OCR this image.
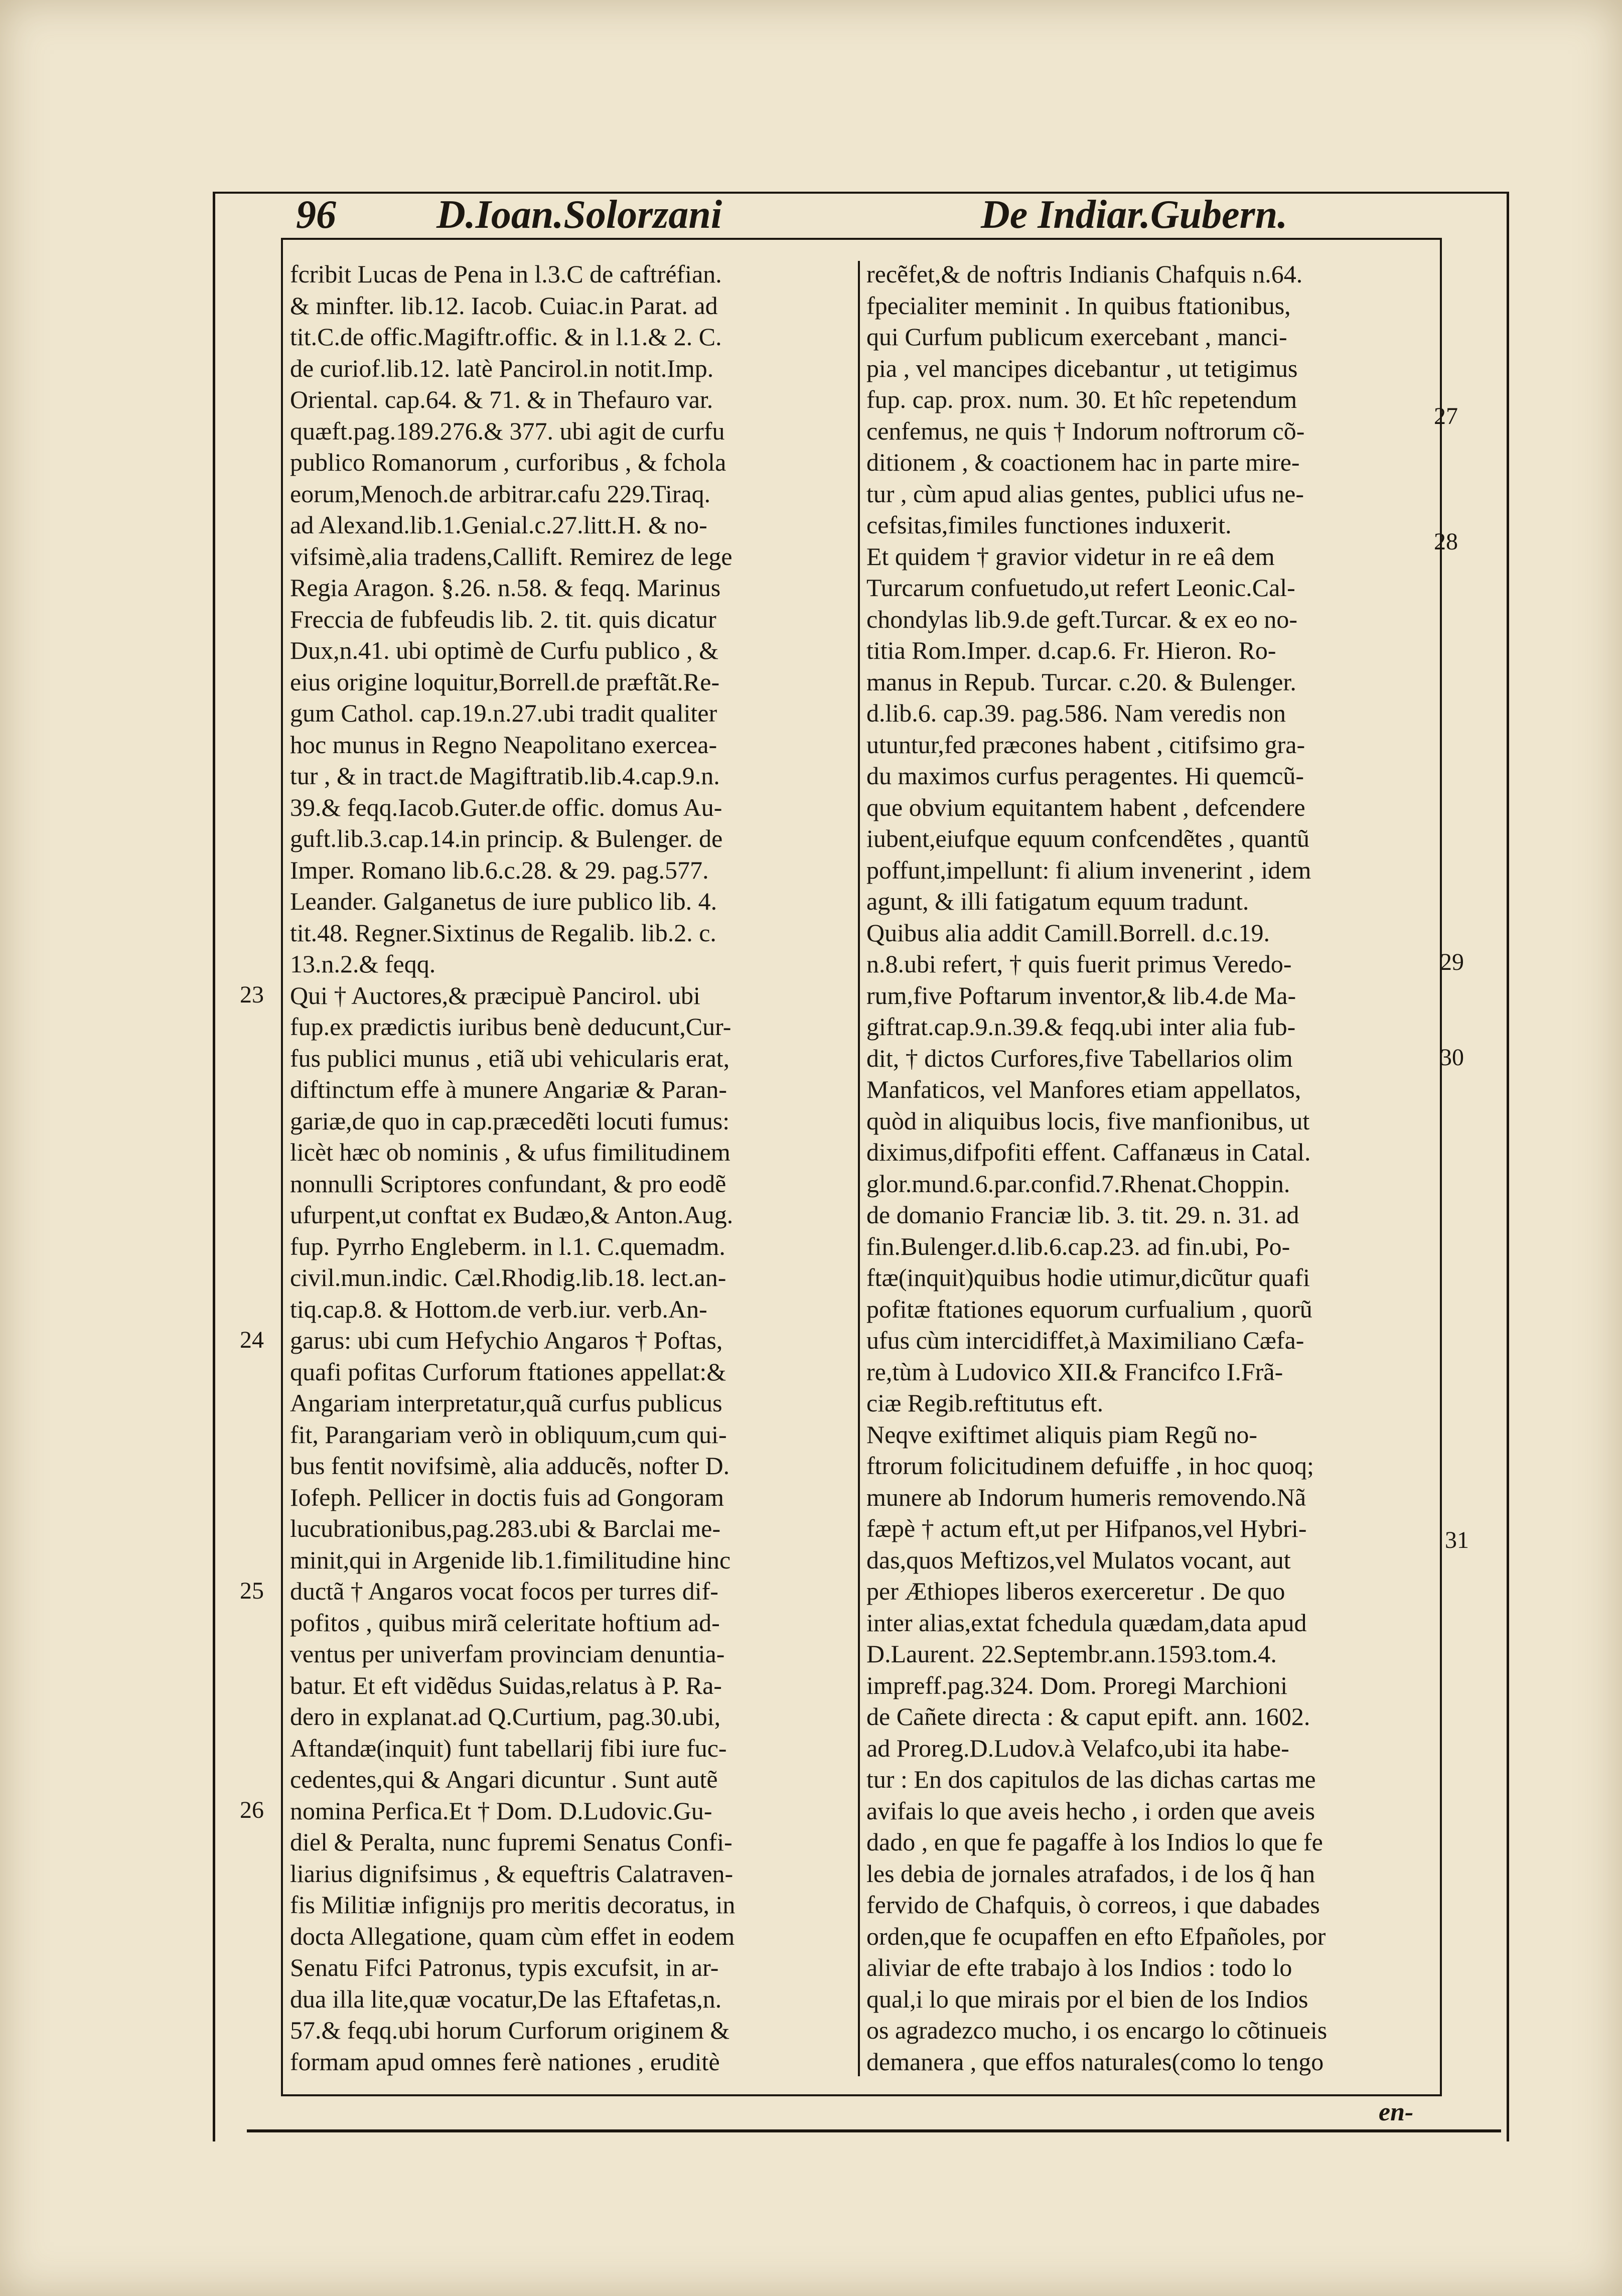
96	D.Ioan.Solorzani	De Indiar.Gubern.
fcribit Lucas de Pena in l.3.C de caftréfian.
& minfter. lib.12. Iacob. Cuiac.in Parat. ad
tit.C.de offic.Magiftr.offic. & in l.1.& 2. C.
de curiof.lib.12. latè Pancirol.in notit.Imp.
Oriental. cap.64. & 71. & in Thefauro var.
quæft.pag.189.276.& 377. ubi agit de curfu
publico Romanorum , curforibus , & fchola
eorum,Menoch.de arbitrar.cafu 229.Tiraq.
ad Alexand.lib.1.Genial.c.27.litt.H. & no-
vifsimè,alia tradens,Callift. Remirez de lege
Regia Aragon. §.26. n.58. & feqq. Marinus
Freccia de fubfeudis lib. 2. tit. quis dicatur
Dux,n.41. ubi optimè de Curfu publico , &
eius origine loquitur,Borrell.de præftãt.Re-
gum Cathol. cap.19.n.27.ubi tradit qualiter
hoc munus in Regno Neapolitano exercea-
tur , & in tract.de Magiftratib.lib.4.cap.9.n.
39.& feqq.Iacob.Guter.de offic. domus Au-
guft.lib.3.cap.14.in princip. & Bulenger. de
Imper. Romano lib.6.c.28. & 29. pag.577.
Leander. Galganetus de iure publico lib. 4.
tit.48. Regner.Sixtinus de Regalib. lib.2. c.
13.n.2.& feqq.
Qui † Auctores,& præcipuè Pancirol. ubi
fup.ex prædictis iuribus benè deducunt,Cur-
fus publici munus , etiã ubi vehicularis erat,
diftinctum effe à munere Angariæ & Paran-
gariæ,de quo in cap.præcedẽti locuti fumus:
licèt hæc ob nominis , & ufus fimilitudinem
nonnulli Scriptores confundant, & pro eodẽ
ufurpent,ut conftat ex Budæo,& Anton.Aug.
fup. Pyrrho Engleberm. in l.1. C.quemadm.
civil.mun.indic. Cæl.Rhodig.lib.18. lect.an-
tiq.cap.8. & Hottom.de verb.iur. verb.An-
garus: ubi cum Hefychio Angaros † Poftas,
quafi pofitas Curforum ftationes appellat:&
Angariam interpretatur,quã curfus publicus
fit, Parangariam verò in obliquum,cum qui-
bus fentit novifsimè, alia adducẽs, nofter D.
Iofeph. Pellicer in doctis fuis ad Gongoram
lucubrationibus,pag.283.ubi & Barclai me-
minit,qui in Argenide lib.1.fimilitudine hinc
ductã † Angaros vocat focos per turres dif-
pofitos , quibus mirã celeritate hoftium ad-
ventus per univerfam provinciam denuntia-
batur. Et eft vidẽdus Suidas,relatus à P. Ra-
dero in explanat.ad Q.Curtium, pag.30.ubi,
Aftandæ(inquit) funt tabellarij fibi iure fuc-
cedentes,qui & Angari dicuntur . Sunt autẽ
nomina Perfica.Et † Dom. D.Ludovic.Gu-
diel & Peralta, nunc fupremi Senatus Confi-
liarius dignifsimus , & equeftris Calatraven-
fis Militiæ infignijs pro meritis decoratus, in
docta Allegatione, quam cùm effet in eodem
Senatu Fifci Patronus, typis excufsit, in ar-
dua illa lite,quæ vocatur,De las Eftafetas,n.
57.& feqq.ubi horum Curforum originem &
formam apud omnes ferè nationes , eruditè
recẽfet,& de noftris Indianis Chafquis n.64.
fpecialiter meminit . In quibus ftationibus,
qui Curfum publicum exercebant , manci-
pia , vel mancipes dicebantur , ut tetigimus
fup. cap. prox. num. 30. Et hîc repetendum
cenfemus, ne quis † Indorum noftrorum cõ-
ditionem , & coactionem hac in parte mire-
tur , cùm apud alias gentes, publici ufus ne-
cefsitas,fimiles functiones induxerit.
Et quidem † gravior videtur in re eâ dem
Turcarum confuetudo,ut refert Leonic.Cal-
chondylas lib.9.de geft.Turcar. & ex eo no-
titia Rom.Imper. d.cap.6. Fr. Hieron. Ro-
manus in Repub. Turcar. c.20. & Bulenger.
d.lib.6. cap.39. pag.586. Nam veredis non
utuntur,fed præcones habent , citifsimo gra-
du maximos curfus peragentes. Hi quemcũ-
que obvium equitantem habent , defcendere
iubent,eiufque equum confcendẽtes , quantũ
poffunt,impellunt: fi alium invenerint , idem
agunt, & illi fatigatum equum tradunt.
Quibus alia addit Camill.Borrell. d.c.19.
n.8.ubi refert, † quis fuerit primus Veredo-
rum,five Poftarum inventor,& lib.4.de Ma-
giftrat.cap.9.n.39.& feqq.ubi inter alia fub-
dit, † dictos Curfores,five Tabellarios olim
Manfaticos, vel Manfores etiam appellatos,
quòd in aliquibus locis, five manfionibus, ut
diximus,difpofiti effent. Caffanæus in Catal.
glor.mund.6.par.confid.7.Rhenat.Choppin.
de domanio Franciæ lib. 3. tit. 29. n. 31. ad
fin.Bulenger.d.lib.6.cap.23. ad fin.ubi, Po-
ftæ(inquit)quibus hodie utimur,dicũtur quafi
pofitæ ftationes equorum curfualium , quorũ
ufus cùm intercidiffet,à Maximiliano Cæfa-
re,tùm à Ludovico XII.& Francifco I.Frã-
ciæ Regib.reftitutus eft.
Neqve exiftimet aliquis piam Regũ no-
ftrorum folicitudinem defuiffe , in hoc quoq;
munere ab Indorum humeris removendo.Nã
fæpè † actum eft,ut per Hifpanos,vel Hybri-
das,quos Meftizos,vel Mulatos vocant, aut
per Æthiopes liberos exerceretur . De quo
inter alias,extat fchedula quædam,data apud
D.Laurent. 22.Septembr.ann.1593.tom.4.
impreff.pag.324. Dom. Proregi Marchioni
de Cañete directa : & caput epift. ann. 1602.
ad Proreg.D.Ludov.à Velafco,ubi ita habe-
tur : En dos capitulos de las dichas cartas me
avifais lo que aveis hecho , i orden que aveis
dado , en que fe pagaffe à los Indios lo que fe
les debia de jornales atrafados, i de los q̃ han
fervido de Chafquis, ò correos, i que dabades
orden,que fe ocupaffen en efto Efpañoles, por
aliviar de efte trabajo à los Indios : todo lo
qual,i lo que mirais por el bien de los Indios
os agradezco mucho, i os encargo lo cõtinueis
demanera , que effos naturales(como lo tengo
23
24
25
26
27
28
29
30
31
en-
